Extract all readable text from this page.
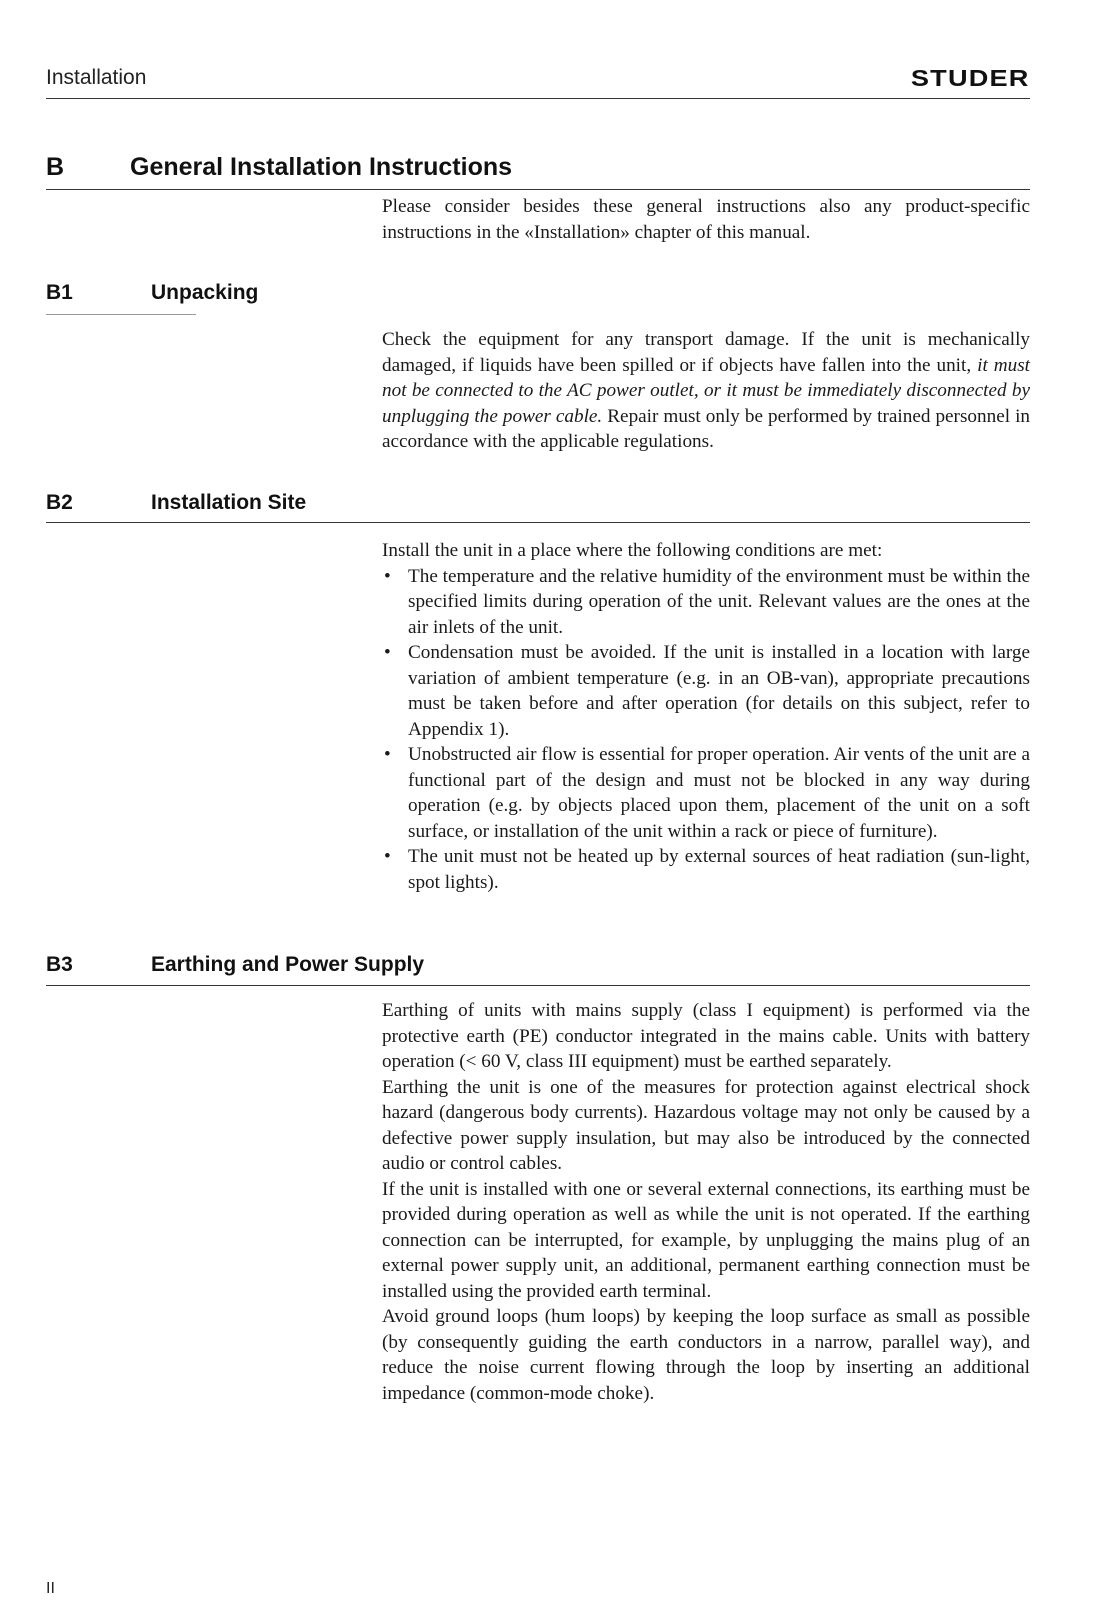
Installation	STUDER
B	General Installation Instructions

Please consider besides these general instructions also any product-specific instructions in the «Installation» chapter of this manual.

B1	Unpacking

Check the equipment for any transport damage. If the unit is mechanically damaged, if liquids have been spilled or if objects have fallen into the unit, it must not be connected to the AC power outlet, or it must be immediately disconnected by unplugging the power cable. Repair must only be performed by trained personnel in accordance with the applicable regulations.

B2	Installation Site

Install the unit in a place where the following conditions are met:

• The temperature and the relative humidity of the environment must be within the specified limits during operation of the unit. Relevant values are the ones at the air inlets of the unit.
• Condensation must be avoided. If the unit is installed in a location with large variation of ambient temperature (e.g. in an OB-van), appropriate precautions must be taken before and after operation (for details on this subject, refer to Appendix 1).
• Unobstructed air flow is essential for proper operation. Air vents of the unit are a functional part of the design and must not be blocked in any way during operation (e.g. by objects placed upon them, placement of the unit on a soft surface, or installation of the unit within a rack or piece of furniture).
• The unit must not be heated up by external sources of heat radiation (sun-light, spot lights).
B3	Earthing and Power Supply

Earthing of units with mains supply (class I equipment) is performed via the protective earth (PE) conductor integrated in the mains cable. Units with battery operation (< 60 V, class III equipment) must be earthed separately.

Earthing the unit is one of the measures for protection against electrical shock hazard (dangerous body currents). Hazardous voltage may not only be caused by a defective power supply insulation, but may also be introduced by the connected audio or control cables.

If the unit is installed with one or several external connections, its earthing must be provided during operation as well as while the unit is not operated. If the earthing connection can be interrupted, for example, by unplugging the mains plug of an external power supply unit, an additional, permanent earthing connection must be installed using the provided earth terminal.

Avoid ground loops (hum loops) by keeping the loop surface as small as possible (by consequently guiding the earth conductors in a narrow, parallel way), and reduce the noise current flowing through the loop by inserting an additional impedance (common-mode choke).

II
